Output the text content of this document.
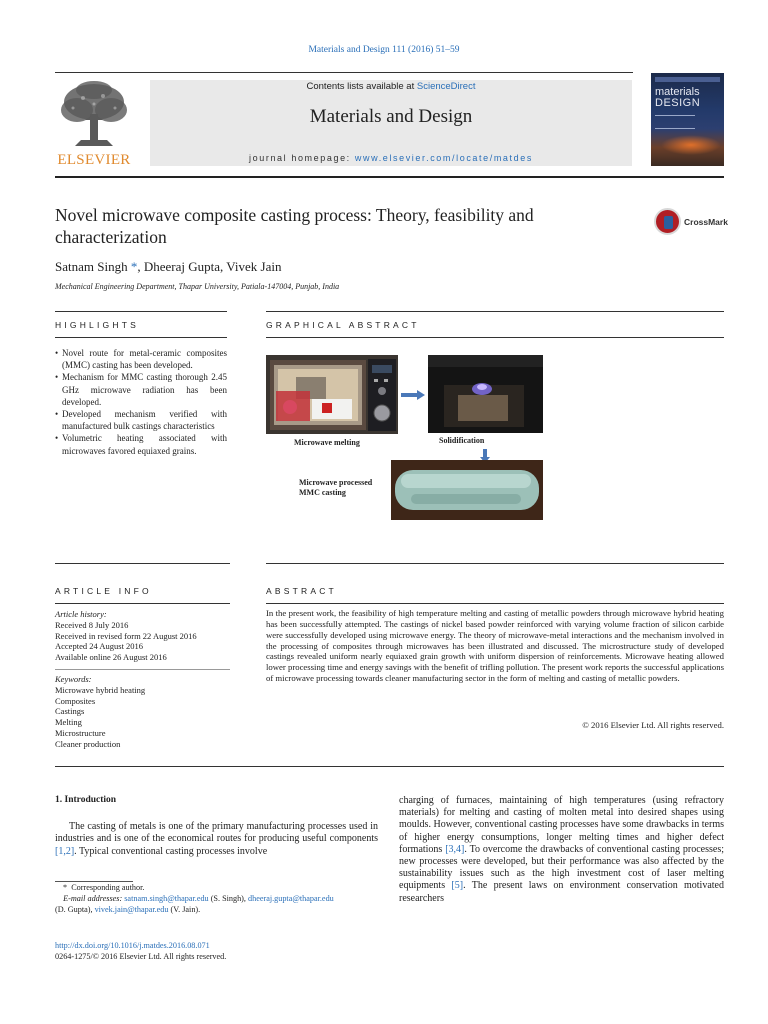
Materials and Design 111 (2016) 51–59
ELSEVIER
Contents lists available at ScienceDirect
Materials and Design
journal homepage: www.elsevier.com/locate/matdes
materials
DESIGN
Novel microwave composite casting process: Theory, feasibility and characterization
CrossMark
Satnam Singh *, Dheeraj Gupta, Vivek Jain
Mechanical Engineering Department, Thapar University, Patiala-147004, Punjab, India
HIGHLIGHTS
• Novel route for metal-ceramic composites (MMC) casting has been developed.
• Mechanism for MMC casting thorough 2.45 GHz microwave radiation has been developed.
• Developed mechanism verified with manufactured bulk castings characteristics
• Volumetric heating associated with microwaves favored equiaxed grains.
GRAPHICAL ABSTRACT
Microwave melting	Solidification
Microwave processed
MMC casting
ARTICLE INFO
Article history:
Received 8 July 2016
Received in revised form 22 August 2016
Accepted 24 August 2016
Available online 26 August 2016
Keywords:
Microwave hybrid heating
Composites
Castings
Melting
Microstructure
Cleaner production
ABSTRACT
In the present work, the feasibility of high temperature melting and casting of metallic powders through microwave hybrid heating has been successfully attempted. The castings of nickel based powder reinforced with varying volume fraction of silicon carbide were successfully developed using microwave energy. The theory of microwave-metal interactions and the mechanism involved in the processing of composites through microwaves has been illustrated and discussed. The microstructure study of developed castings revealed uniform nearly equiaxed grain growth with uniform dispersion of reinforcements. Microwave heating allowed lower processing time and energy savings with the benefit of trifling pollution. The present work reports the successful applications of microwave processing towards cleaner manufacturing sector in the form of melting and casting of metallic powders.
© 2016 Elsevier Ltd. All rights reserved.
1. Introduction
The casting of metals is one of the primary manufacturing processes used in industries and is one of the economical routes for producing useful components [1,2]. Typical conventional casting processes involve
charging of furnaces, maintaining of high temperatures (using refractory materials) for melting and casting of molten metal into desired shapes using moulds. However, conventional casting processes have some drawbacks in terms of higher energy consumptions, longer melting times and higher defect formations [3,4]. To overcome the drawbacks of conventional casting processes; new processes were developed, but their performance was also affected by the sustainability issues such as the high investment cost of laser melting equipments [5]. The present laws on environment conservation motivated researchers
* Corresponding author.
E-mail addresses: satnam.singh@thapar.edu (S. Singh), dheeraj.gupta@thapar.edu
(D. Gupta), vivek.jain@thapar.edu (V. Jain).
http://dx.doi.org/10.1016/j.matdes.2016.08.071
0264-1275/© 2016 Elsevier Ltd. All rights reserved.
